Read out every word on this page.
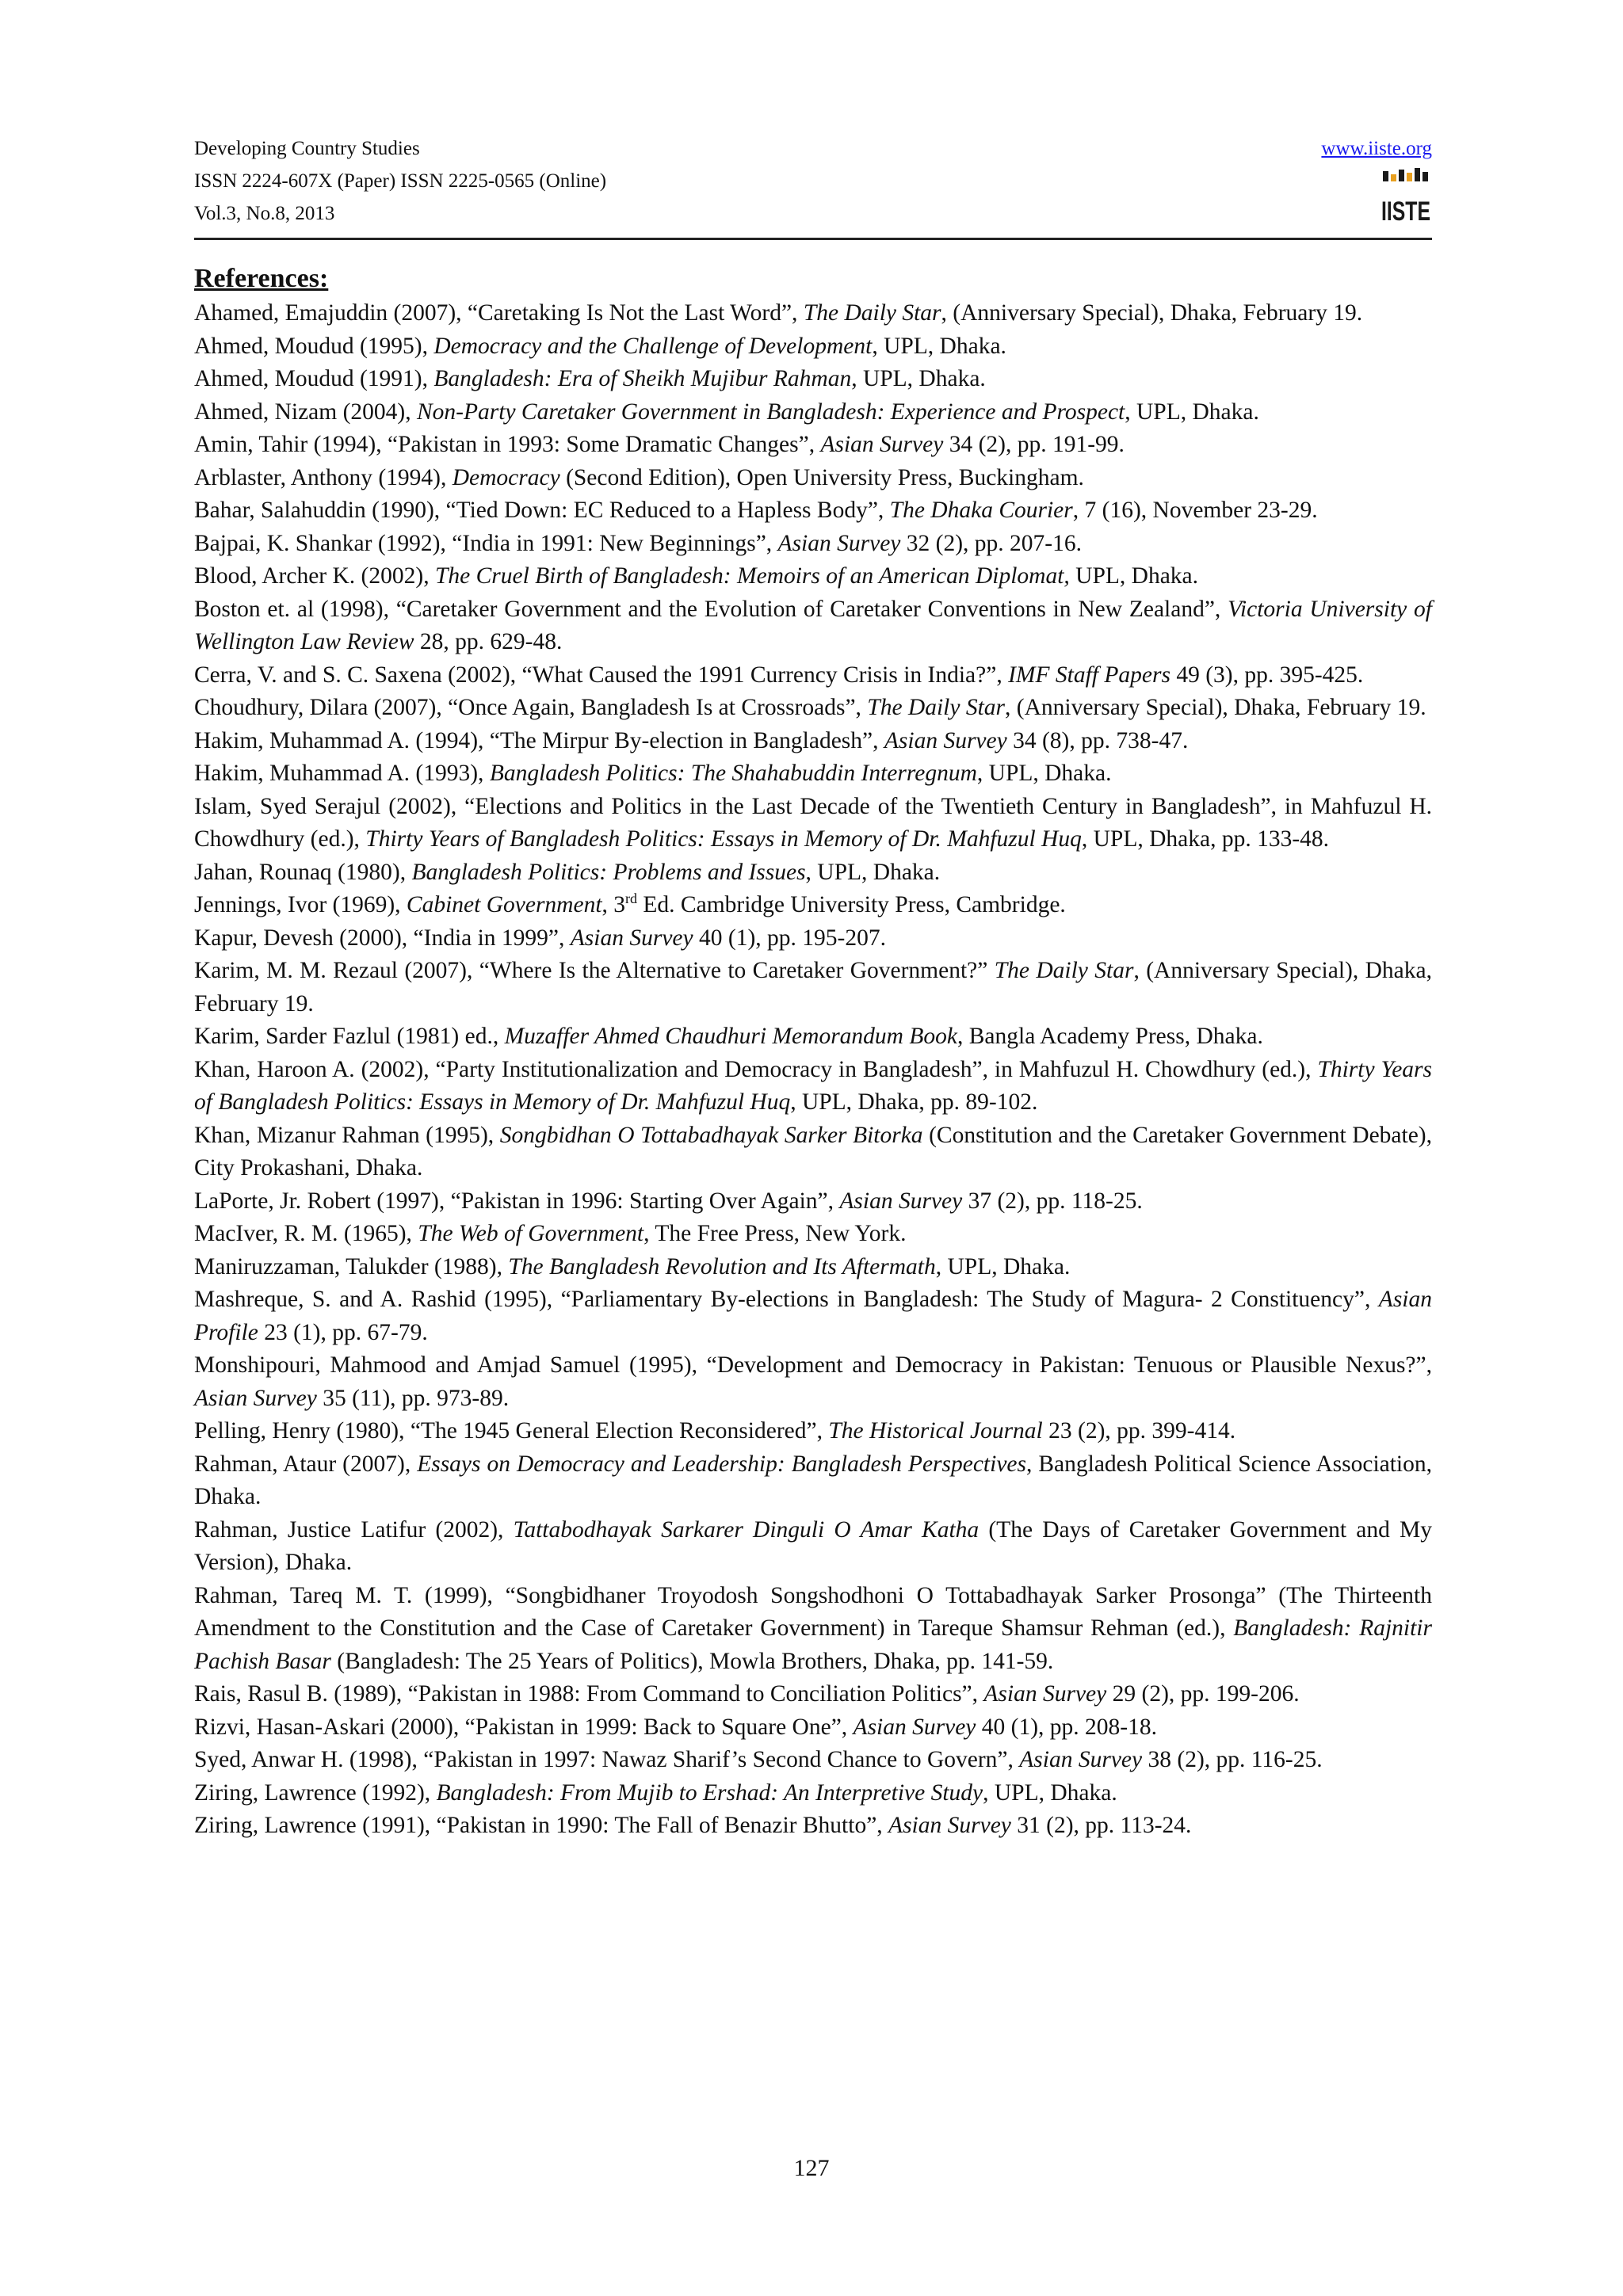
Developing Country Studies
ISSN 2224-607X (Paper) ISSN 2225-0565 (Online)
Vol.3, No.8, 2013
www.iiste.org
IISTE
References:

Ahamed, Emajuddin (2007), “Caretaking Is Not the Last Word”, The Daily Star, (Anniversary Special), Dhaka, February 19.

Ahmed, Moudud (1995), Democracy and the Challenge of Development, UPL, Dhaka.

Ahmed, Moudud (1991), Bangladesh: Era of Sheikh Mujibur Rahman, UPL, Dhaka.

Ahmed, Nizam (2004), Non-Party Caretaker Government in Bangladesh: Experience and Prospect, UPL, Dhaka.

Amin, Tahir (1994), “Pakistan in 1993: Some Dramatic Changes”, Asian Survey 34 (2), pp. 191-99.

Arblaster, Anthony (1994), Democracy (Second Edition), Open University Press, Buckingham.

Bahar, Salahuddin (1990), “Tied Down: EC Reduced to a Hapless Body”, The Dhaka Courier, 7 (16), November 23-29.

Bajpai, K. Shankar (1992), “India in 1991: New Beginnings”, Asian Survey 32 (2), pp. 207-16.

Blood, Archer K. (2002), The Cruel Birth of Bangladesh: Memoirs of an American Diplomat, UPL, Dhaka.

Boston et. al (1998), “Caretaker Government and the Evolution of Caretaker Conventions in New Zealand”, Victoria University of Wellington Law Review 28, pp. 629-48.

Cerra, V. and S. C. Saxena (2002), “What Caused the 1991 Currency Crisis in India?”, IMF Staff Papers 49 (3), pp. 395-425.

Choudhury, Dilara (2007), “Once Again, Bangladesh Is at Crossroads”, The Daily Star, (Anniversary Special), Dhaka, February 19.

Hakim, Muhammad A. (1994), “The Mirpur By-election in Bangladesh”, Asian Survey 34 (8), pp. 738-47.

Hakim, Muhammad A. (1993), Bangladesh Politics: The Shahabuddin Interregnum, UPL, Dhaka.

Islam, Syed Serajul (2002), “Elections and Politics in the Last Decade of the Twentieth Century in Bangladesh”, in Mahfuzul H. Chowdhury (ed.), Thirty Years of Bangladesh Politics: Essays in Memory of Dr. Mahfuzul Huq, UPL, Dhaka, pp. 133-48.

Jahan, Rounaq (1980), Bangladesh Politics: Problems and Issues, UPL, Dhaka.

Jennings, Ivor (1969), Cabinet Government, 3rd Ed. Cambridge University Press, Cambridge.

Kapur, Devesh (2000), “India in 1999”, Asian Survey 40 (1), pp. 195-207.

Karim, M. M. Rezaul (2007), “Where Is the Alternative to Caretaker Government?” The Daily Star, (Anniversary Special), Dhaka, February 19.

Karim, Sarder Fazlul (1981) ed., Muzaffer Ahmed Chaudhuri Memorandum Book, Bangla Academy Press, Dhaka.

Khan, Haroon A. (2002), “Party Institutionalization and Democracy in Bangladesh”, in Mahfuzul H. Chowdhury (ed.), Thirty Years of Bangladesh Politics: Essays in Memory of Dr. Mahfuzul Huq, UPL, Dhaka, pp. 89-102.

Khan, Mizanur Rahman (1995), Songbidhan O Tottabadhayak Sarker Bitorka (Constitution and the Caretaker Government Debate), City Prokashani, Dhaka.

LaPorte, Jr. Robert (1997), “Pakistan in 1996: Starting Over Again”, Asian Survey 37 (2), pp. 118-25.

MacIver, R. M. (1965), The Web of Government, The Free Press, New York.

Maniruzzaman, Talukder (1988), The Bangladesh Revolution and Its Aftermath, UPL, Dhaka.

Mashreque, S. and A. Rashid (1995), “Parliamentary By-elections in Bangladesh: The Study of Magura- 2 Constituency”, Asian Profile 23 (1), pp. 67-79.

Monshipouri, Mahmood and Amjad Samuel (1995), “Development and Democracy in Pakistan: Tenuous or Plausible Nexus?”, Asian Survey 35 (11), pp. 973-89.

Pelling, Henry (1980), “The 1945 General Election Reconsidered”, The Historical Journal 23 (2), pp. 399-414.

Rahman, Ataur (2007), Essays on Democracy and Leadership: Bangladesh Perspectives, Bangladesh Political Science Association, Dhaka.

Rahman, Justice Latifur (2002), Tattabodhayak Sarkarer Dinguli O Amar Katha (The Days of Caretaker Government and My Version), Dhaka.

Rahman, Tareq M. T. (1999), “Songbidhaner Troyodosh Songshodhoni O Tottabadhayak Sarker Prosonga” (The Thirteenth Amendment to the Constitution and the Case of Caretaker Government) in Tareque Shamsur Rehman (ed.), Bangladesh: Rajnitir Pachish Basar (Bangladesh: The 25 Years of Politics), Mowla Brothers, Dhaka, pp. 141-59.

Rais, Rasul B. (1989), “Pakistan in 1988: From Command to Conciliation Politics”, Asian Survey 29 (2), pp. 199-206.

Rizvi, Hasan-Askari (2000), “Pakistan in 1999: Back to Square One”, Asian Survey 40 (1), pp. 208-18.

Syed, Anwar H. (1998), “Pakistan in 1997: Nawaz Sharif’s Second Chance to Govern”, Asian Survey 38 (2), pp. 116-25.

Ziring, Lawrence (1992), Bangladesh: From Mujib to Ershad: An Interpretive Study, UPL, Dhaka.

Ziring, Lawrence (1991), “Pakistan in 1990: The Fall of Benazir Bhutto”, Asian Survey 31 (2), pp. 113-24.

127
